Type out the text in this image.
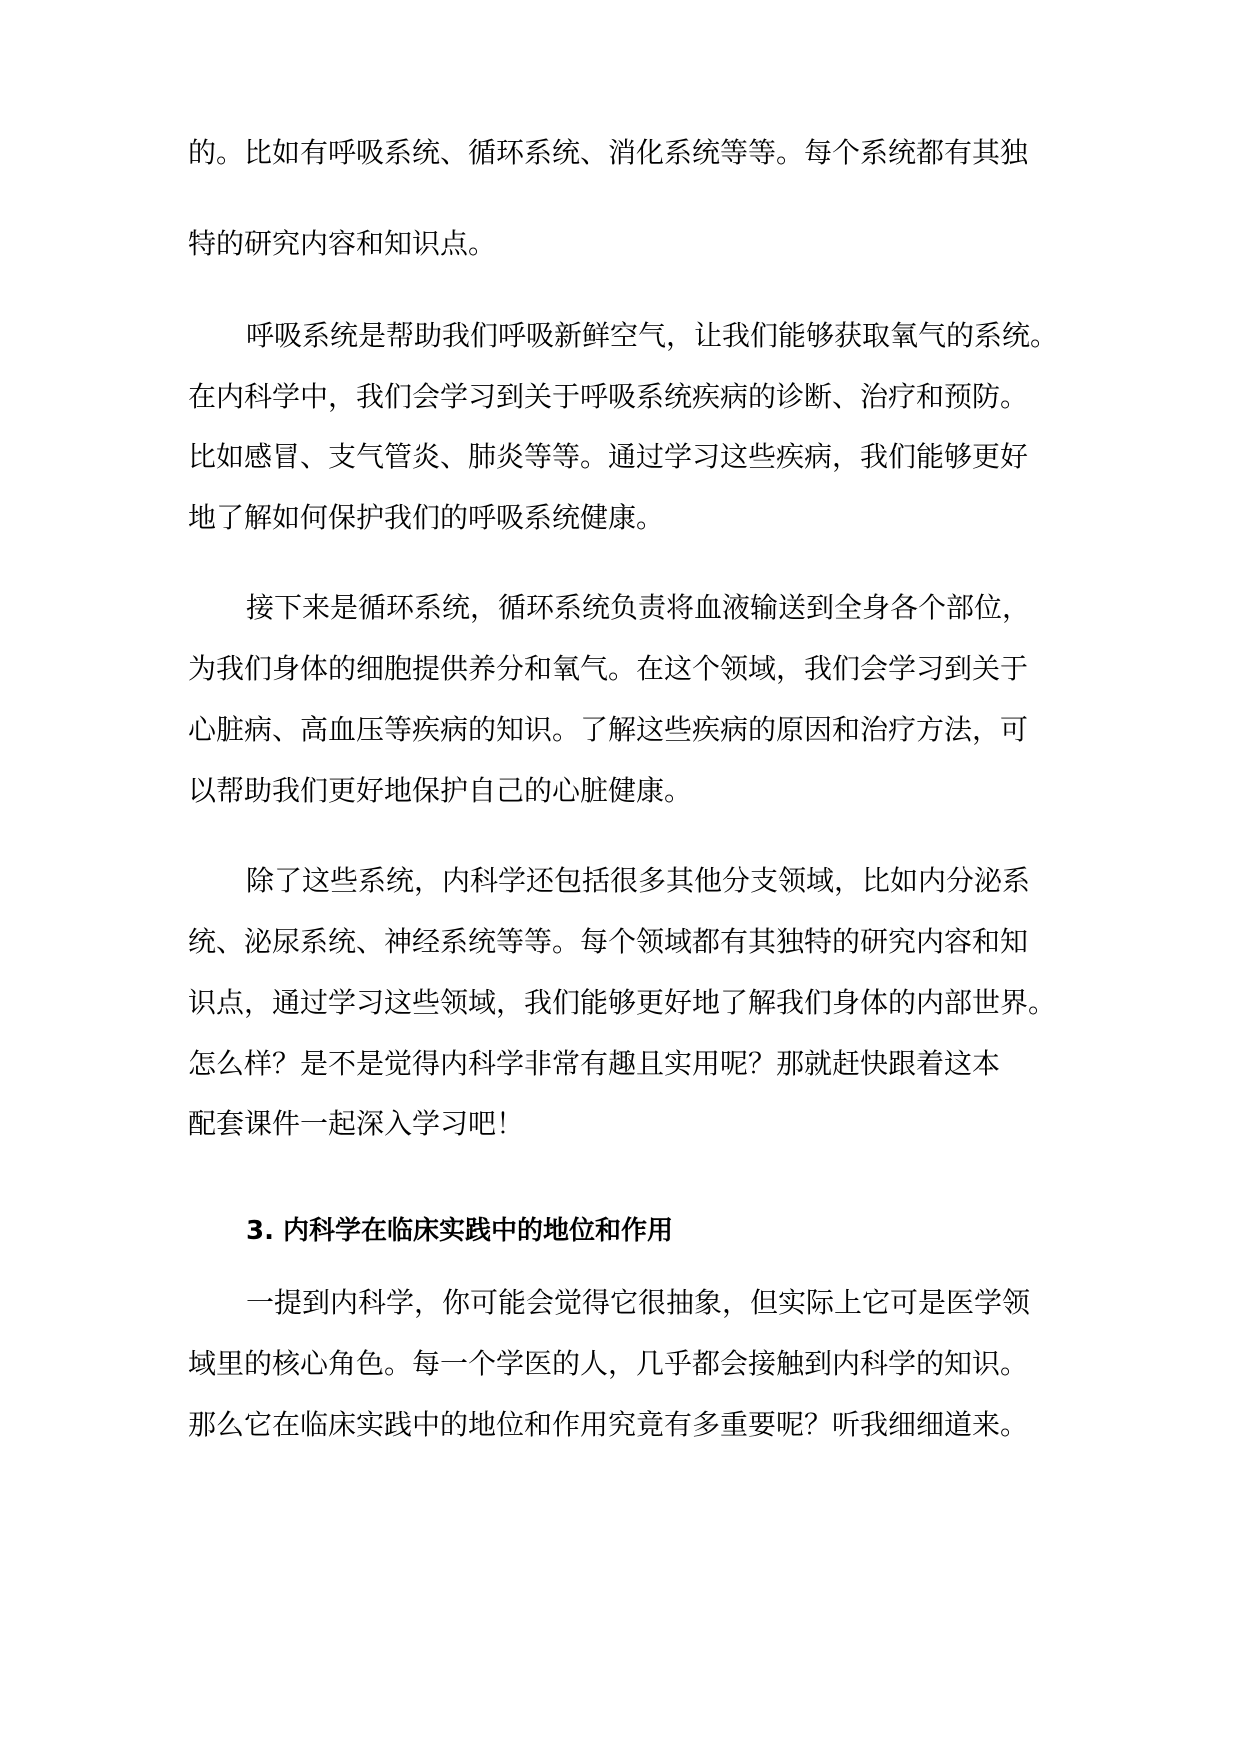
的。比如有呼吸系统、循环系统、消化系统等等。每个系统都有其独
特的研究内容和知识点。
呼吸系统是帮助我们呼吸新鲜空气，让我们能够获取氧气的系统。
在内科学中，我们会学习到关于呼吸系统疾病的诊断、治疗和预防。
比如感冒、支气管炎、肺炎等等。通过学习这些疾病，我们能够更好
地了解如何保护我们的呼吸系统健康。
接下来是循环系统，循环系统负责将血液输送到全身各个部位，
为我们身体的细胞提供养分和氧气。在这个领域，我们会学习到关于
心脏病、高血压等疾病的知识。了解这些疾病的原因和治疗方法，可
以帮助我们更好地保护自己的心脏健康。
除了这些系统，内科学还包括很多其他分支领域，比如内分泌系
统、泌尿系统、神经系统等等。每个领域都有其独特的研究内容和知
识点，通过学习这些领域，我们能够更好地了解我们身体的内部世界。
怎么样？是不是觉得内科学非常有趣且实用呢？那就赶快跟着这本
配套课件一起深入学习吧！
3. 内科学在临床实践中的地位和作用
一提到内科学，你可能会觉得它很抽象，但实际上它可是医学领
域里的核心角色。每一个学医的人，几乎都会接触到内科学的知识。
那么它在临床实践中的地位和作用究竟有多重要呢？听我细细道来。
